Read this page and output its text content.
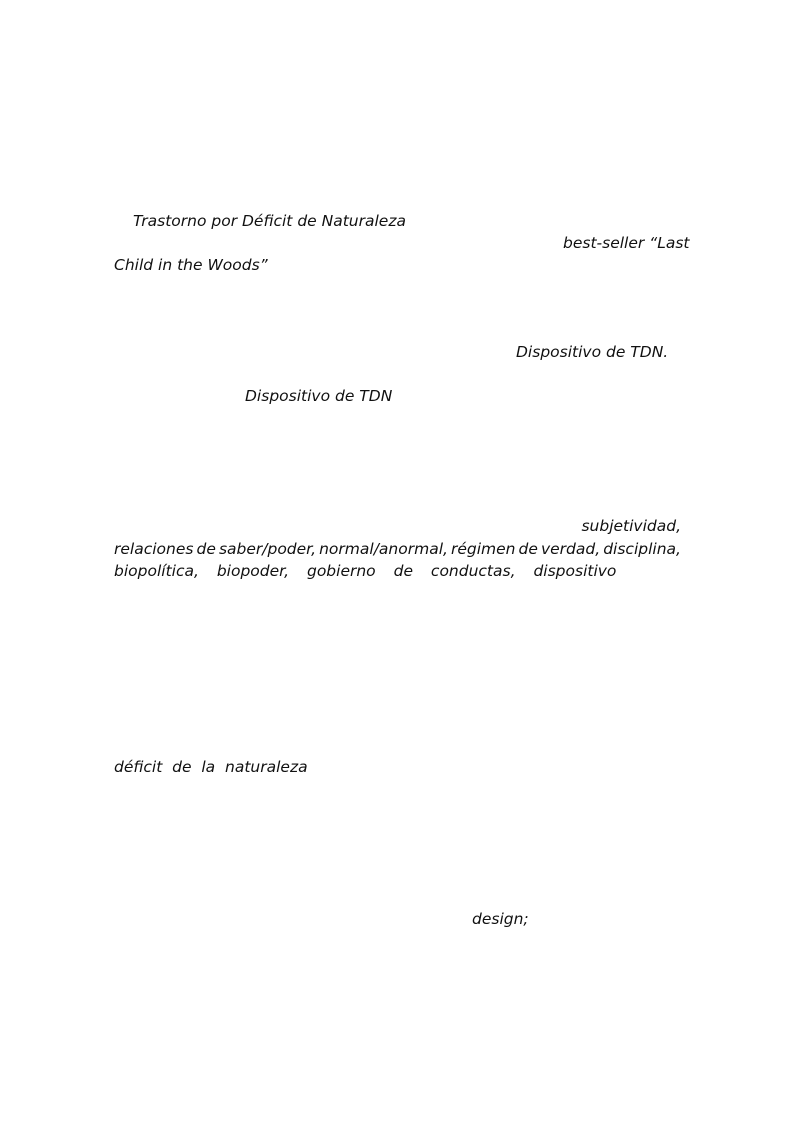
Trastorno por Déficit de Naturaleza
best-seller “Last
Child in the Woods”
Dispositivo de TDN.
Dispositivo de TDN
subjetividad,
relaciones de saber/poder, normal/anormal, régimen de verdad, disciplina,
biopolítica, biopoder, gobierno de conductas, dispositivo
déficit  de  la  naturaleza
design;
